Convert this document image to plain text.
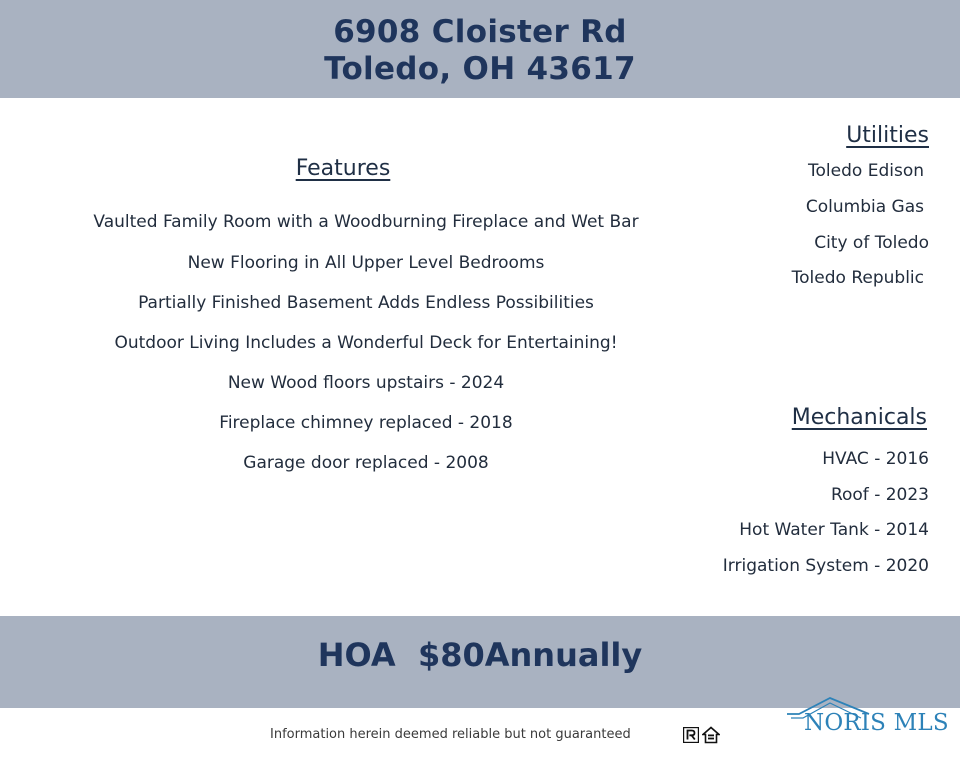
6908 Cloister Rd
Toledo, OH 43617
Features
Vaulted Family Room with a Woodburning Fireplace and Wet Bar
New Flooring in All Upper Level Bedrooms
Partially Finished Basement Adds Endless Possibilities
Outdoor Living Includes a Wonderful Deck for Entertaining!
New Wood floors upstairs - 2024
Fireplace chimney replaced - 2018
Garage door replaced - 2008
Utilities
Toledo Edison
Columbia Gas
City of Toledo
Toledo Republic
Mechanicals
HVAC - 2016
Roof - 2023
Hot Water Tank - 2014
Irrigation System - 2020
HOA $80Annually
Information herein deemed reliable but not guaranteed	NORIS MLS
